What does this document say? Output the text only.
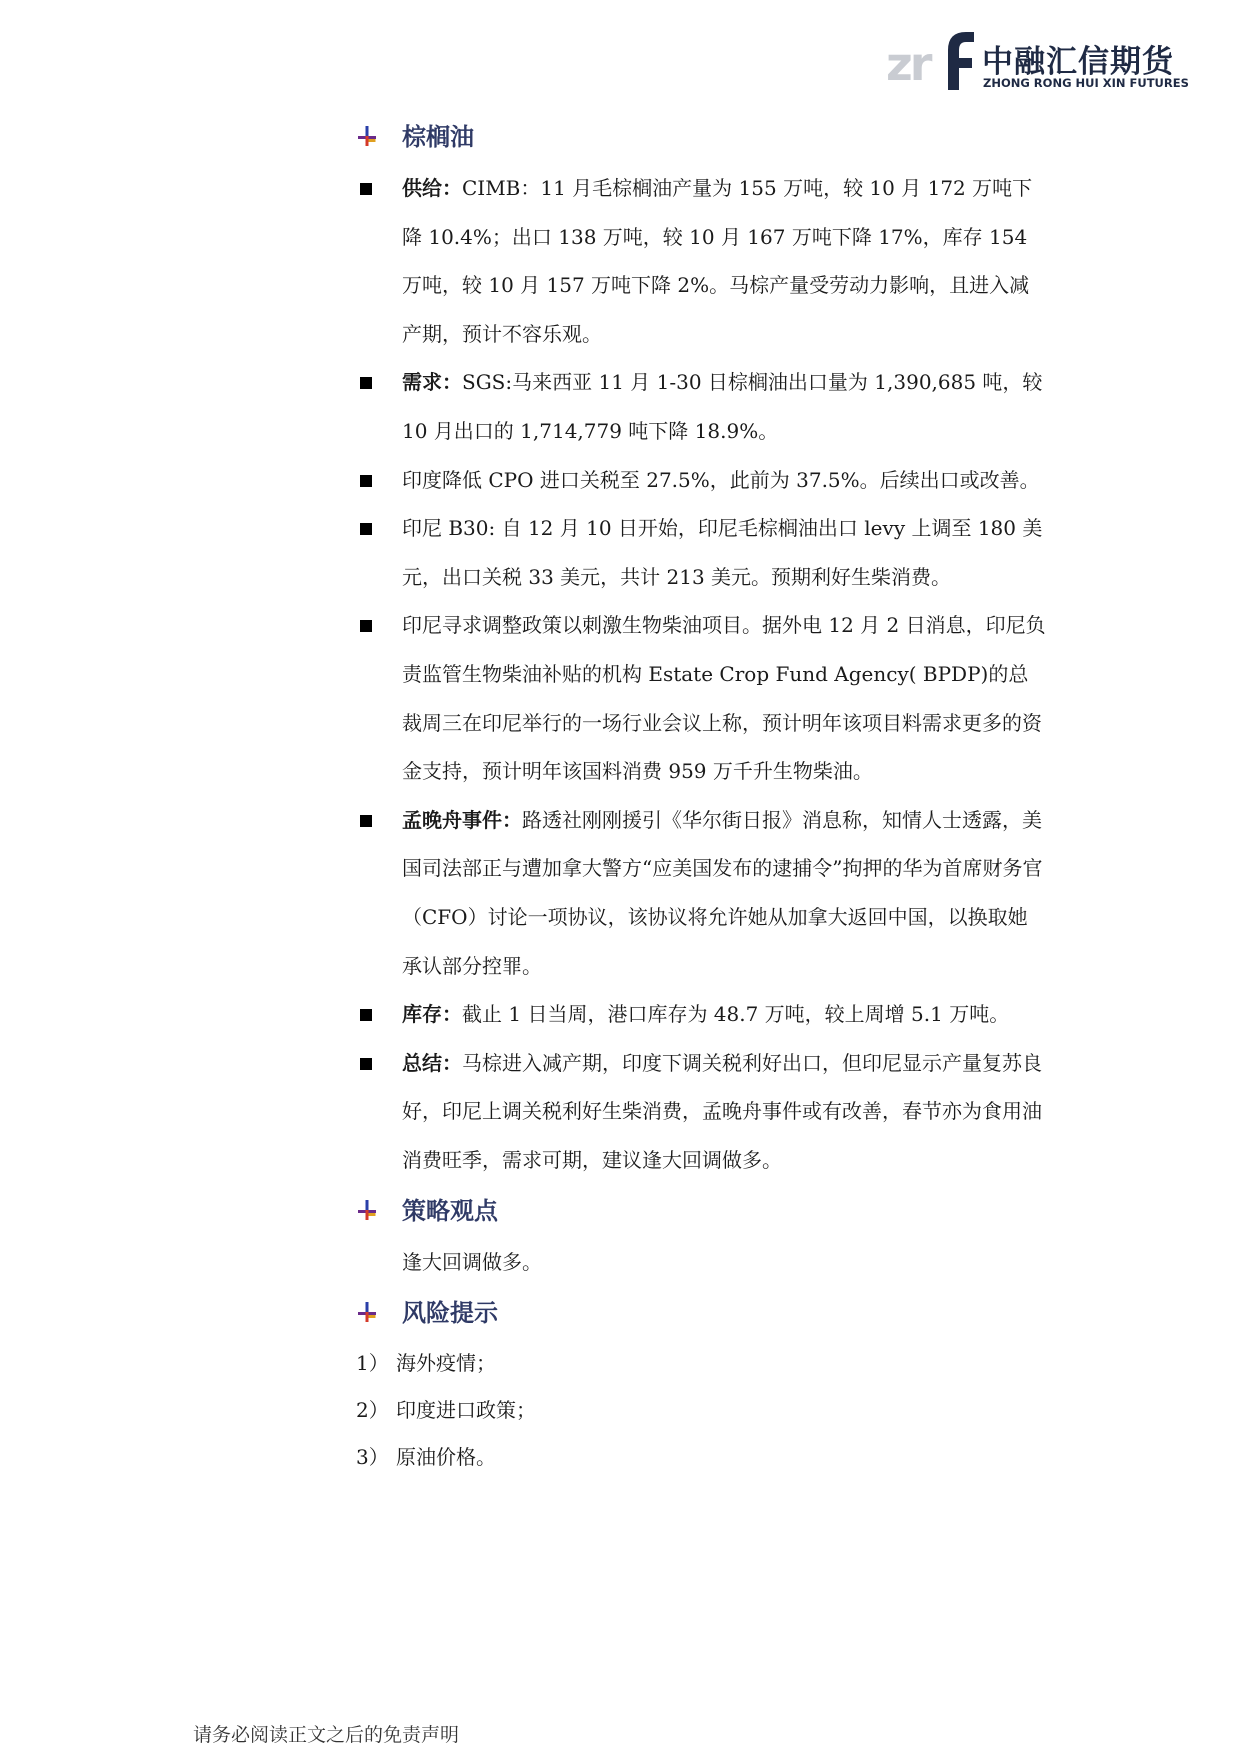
zr 中融汇信期货
ZHONG RONG HUI XIN FUTURES
棕榈油
供给：CIMB：11 月毛棕榈油产量为 155 万吨，较 10 月 172 万吨下降 10.4%；出口 138 万吨，较 10 月 167 万吨下降 17%，库存 154 万吨，较 10 月 157 万吨下降 2%。马棕产量受劳动力影响，且进入减产期，预计不容乐观。
需求：SGS:马来西亚 11 月 1-30 日棕榈油出口量为 1,390,685 吨，较 10 月出口的 1,714,779 吨下降 18.9%。
印度降低 CPO 进口关税至 27.5%，此前为 37.5%。后续出口或改善。
印尼 B30: 自 12 月 10 日开始，印尼毛棕榈油出口 levy 上调至 180 美元，出口关税 33 美元，共计 213 美元。预期利好生柴消费。
印尼寻求调整政策以刺激生物柴油项目。据外电 12 月 2 日消息，印尼负责监管生物柴油补贴的机构 Estate Crop Fund Agency( BPDP)的总裁周三在印尼举行的一场行业会议上称，预计明年该项目料需求更多的资金支持，预计明年该国料消费 959 万千升生物柴油。
孟晚舟事件：路透社刚刚援引《华尔街日报》消息称，知情人士透露，美国司法部正与遭加拿大警方“应美国发布的逮捕令”拘押的华为首席财务官（CFO）讨论一项协议，该协议将允许她从加拿大返回中国，以换取她承认部分控罪。
库存：截止 1 日当周，港口库存为 48.7 万吨，较上周增 5.1 万吨。
总结：马棕进入减产期，印度下调关税利好出口，但印尼显示产量复苏良好，印尼上调关税利好生柴消费，孟晚舟事件或有改善，春节亦为食用油消费旺季，需求可期，建议逢大回调做多。
策略观点
逢大回调做多。
风险提示
1） 海外疫情；
2） 印度进口政策；
3） 原油价格。
请务必阅读正文之后的免责声明
